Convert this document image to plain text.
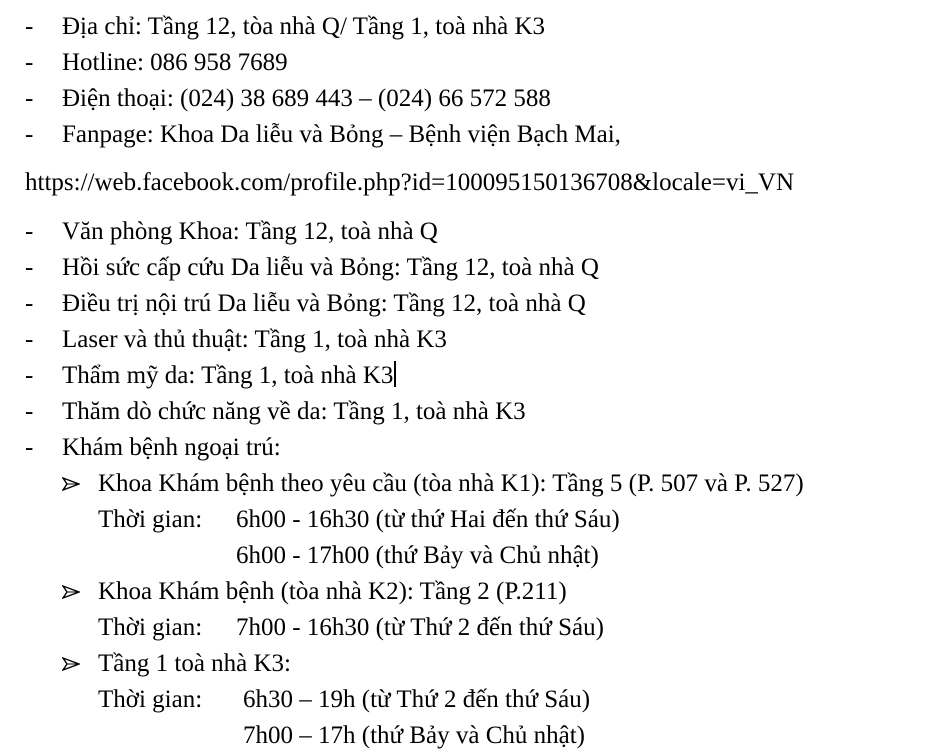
- Địa chỉ: Tầng 12, tòa nhà Q/ Tầng 1, toà nhà K3
- Hotline: 086 958 7689
- Điện thoại: (024) 38 689 443 – (024) 66 572 588
- Fanpage: Khoa Da liễu và Bỏng – Bệnh viện Bạch Mai,
https://web.facebook.com/profile.php?id=100095150136708&locale=vi_VN
- Văn phòng Khoa: Tầng 12, toà nhà Q
- Hồi sức cấp cứu Da liễu và Bỏng: Tầng 12, toà nhà Q
- Điều trị nội trú Da liễu và Bỏng: Tầng 12, toà nhà Q
- Laser và thủ thuật: Tầng 1, toà nhà K3
- Thẩm mỹ da: Tầng 1, toà nhà K3
- Thăm dò chức năng về da: Tầng 1, toà nhà K3
- Khám bệnh ngoại trú:
Khoa Khám bệnh theo yêu cầu (tòa nhà K1): Tầng 5 (P. 507 và P. 527)
Thời gian: 6h00 - 16h30 (từ thứ Hai đến thứ Sáu)
6h00 - 17h00 (thứ Bảy và Chủ nhật)
Khoa Khám bệnh (tòa nhà K2): Tầng 2 (P.211)
Thời gian: 7h00 - 16h30 (từ Thứ 2 đến thứ Sáu)
Tầng 1 toà nhà K3:
Thời gian: 6h30 – 19h (từ Thứ 2 đến thứ Sáu)
7h00 – 17h (thứ Bảy và Chủ nhật)
